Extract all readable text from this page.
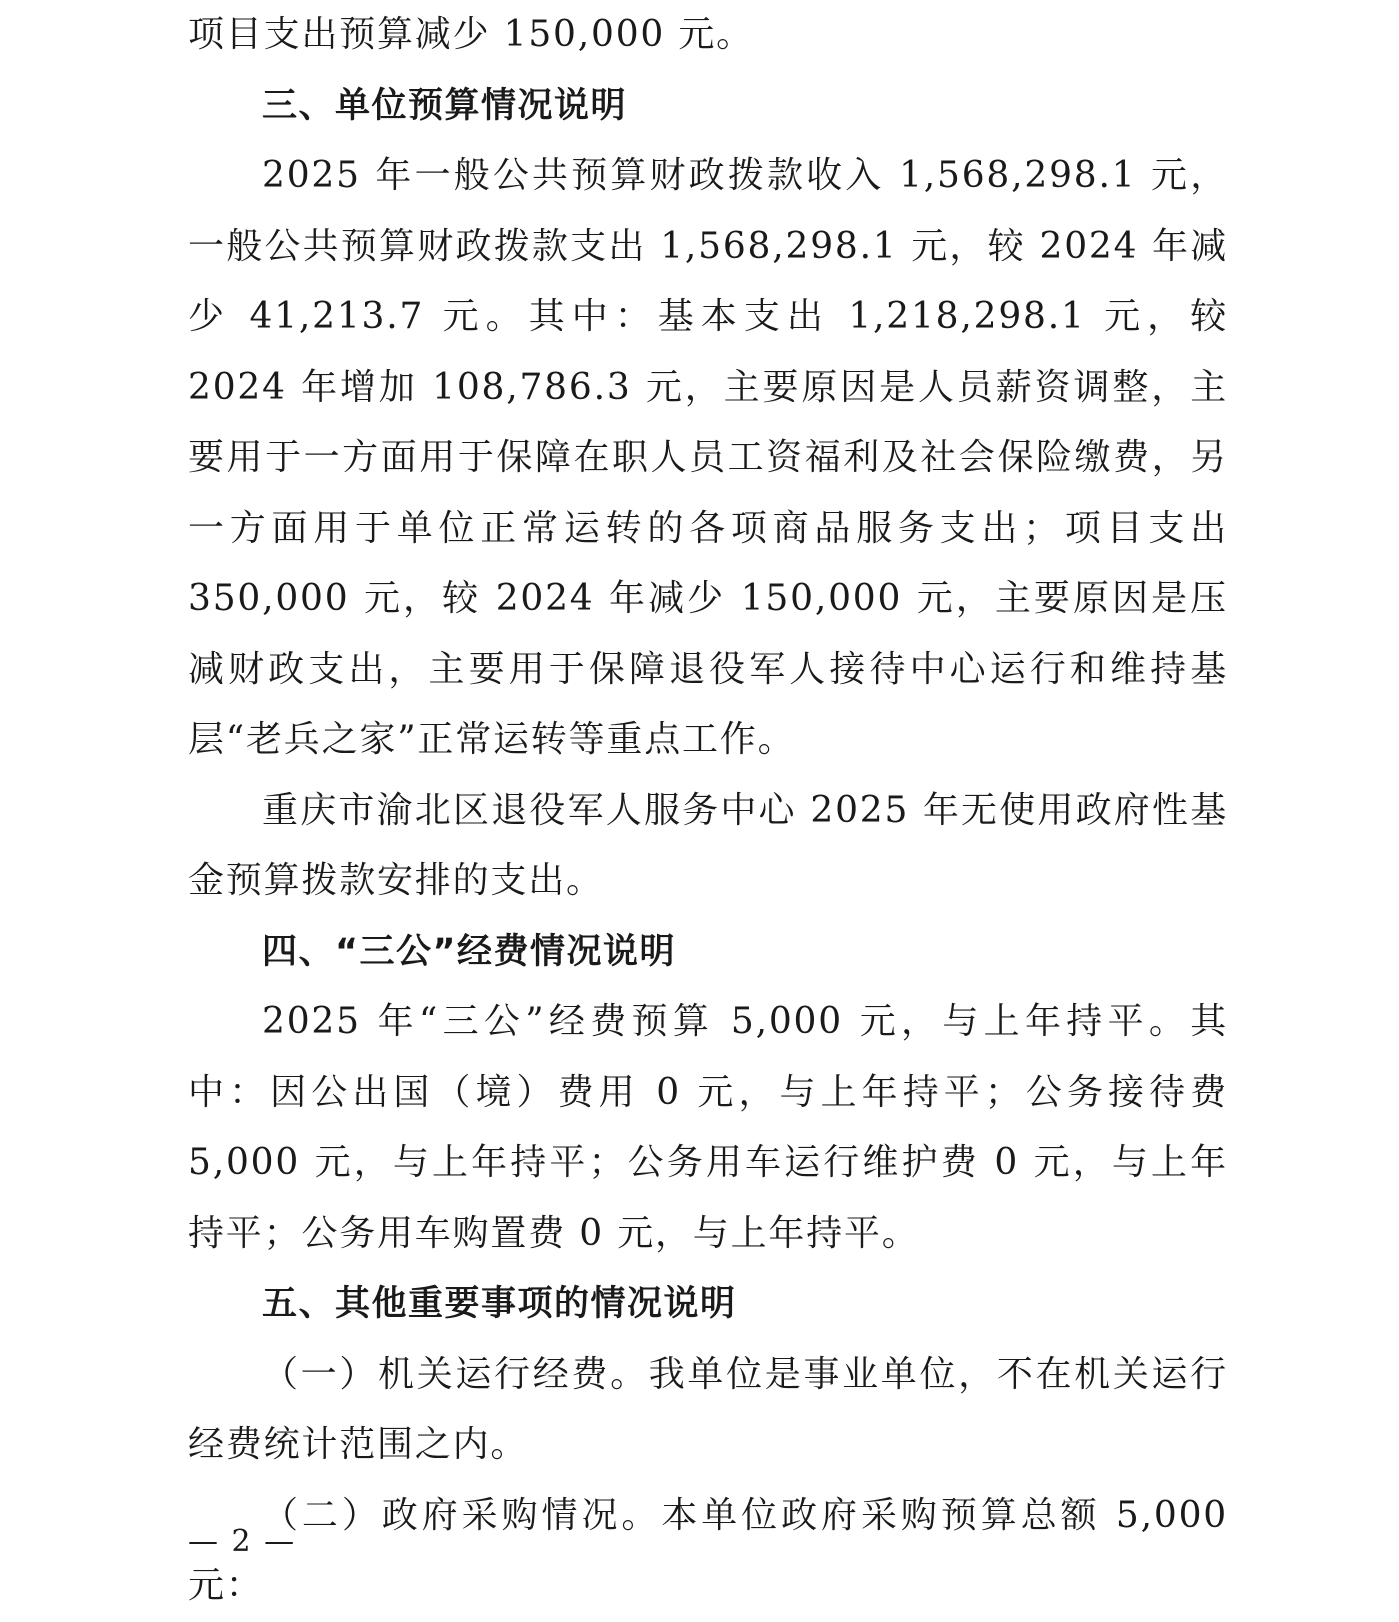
项目支出预算减少 150,000 元。

三、单位预算情况说明

2025 年一般公共预算财政拨款收入 1,568,298.1 元，一般公共预算财政拨款支出 1,568,298.1 元，较 2024 年减少 41,213.7 元。其中：基本支出 1,218,298.1 元，较 2024 年增加 108,786.3 元，主要原因是人员薪资调整，主要用于一方面用于保障在职人员工资福利及社会保险缴费，另一方面用于单位正常运转的各项商品服务支出；项目支出 350,000 元，较 2024 年减少 150,000 元，主要原因是压减财政支出，主要用于保障退役军人接待中心运行和维持基层“老兵之家”正常运转等重点工作。

重庆市渝北区退役军人服务中心 2025 年无使用政府性基金预算拨款安排的支出。

四、“三公”经费情况说明

2025 年“三公”经费预算 5,000 元，与上年持平。其中：因公出国（境）费用 0 元，与上年持平；公务接待费 5,000 元，与上年持平；公务用车运行维护费 0 元，与上年持平；公务用车购置费 0 元，与上年持平。

五、其他重要事项的情况说明

（一）机关运行经费。我单位是事业单位，不在机关运行经费统计范围之内。

（二）政府采购情况。本单位政府采购预算总额 5,000 元：

— 2 —
